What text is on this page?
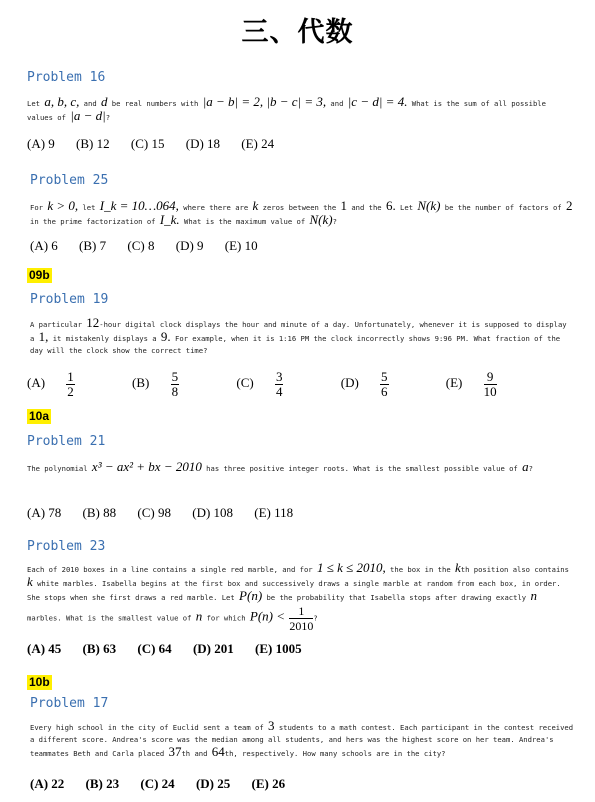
三、代数
Problem 16
Let a, b, c, and d be real numbers with |a − b| = 2, |b − c| = 3, and |c − d| = 4. What is the sum of all possible values of |a − d|?
(A) 9 (B) 12 (C) 15 (D) 18 (E) 24
Problem 25
For k > 0, let I_k = 10…064, where there are k zeros between the 1 and the 6. Let N(k) be the number of factors of 2 in the prime factorization of I_k. What is the maximum value of N(k)?
(A) 6 (B) 7 (C) 8 (D) 9 (E) 10
09b
Problem 19
A particular 12-hour digital clock displays the hour and minute of a day. Unfortunately, whenever it is supposed to display a 1, it mistakenly displays a 9. For example, when it is 1:16 PM the clock incorrectly shows 9:96 PM. What fraction of the day will the clock show the correct time?
$(A) \frac{1}{2}$	$(B) \frac{5}{8}$	$(C) \frac{3}{4}$	$(D) \frac{5}{6}$	$(E) \frac{9}{10}$
10a
Problem 21
The polynomial x³ − ax² + bx − 2010 has three positive integer roots. What is the smallest possible value of a?
(A) 78 (B) 88 (C) 98 (D) 108 (E) 118
Problem 23
Each of 2010 boxes in a line contains a single red marble, and for 1 ≤ k ≤ 2010, the box in the kth position also contains k white marbles. Isabella begins at the first box and successively draws a single marble at random from each box, in order. She stops when she first draws a red marble. Let P(n) be the probability that Isabella stops after drawing exactly n marbles. What is the smallest value of n for which $P(n) < \frac{1}{2010}$ ?
(A) 45 (B) 63 (C) 64 (D) 201 (E) 1005
10b
Problem 17
Every high school in the city of Euclid sent a team of 3 students to a math contest. Each participant in the contest received a different score. Andrea's score was the median among all students, and hers was the highest score on her team. Andrea's teammates Beth and Carla placed 37th and 64th, respectively. How many schools are in the city?
(A) 22 (B) 23 (C) 24 (D) 25 (E) 26
